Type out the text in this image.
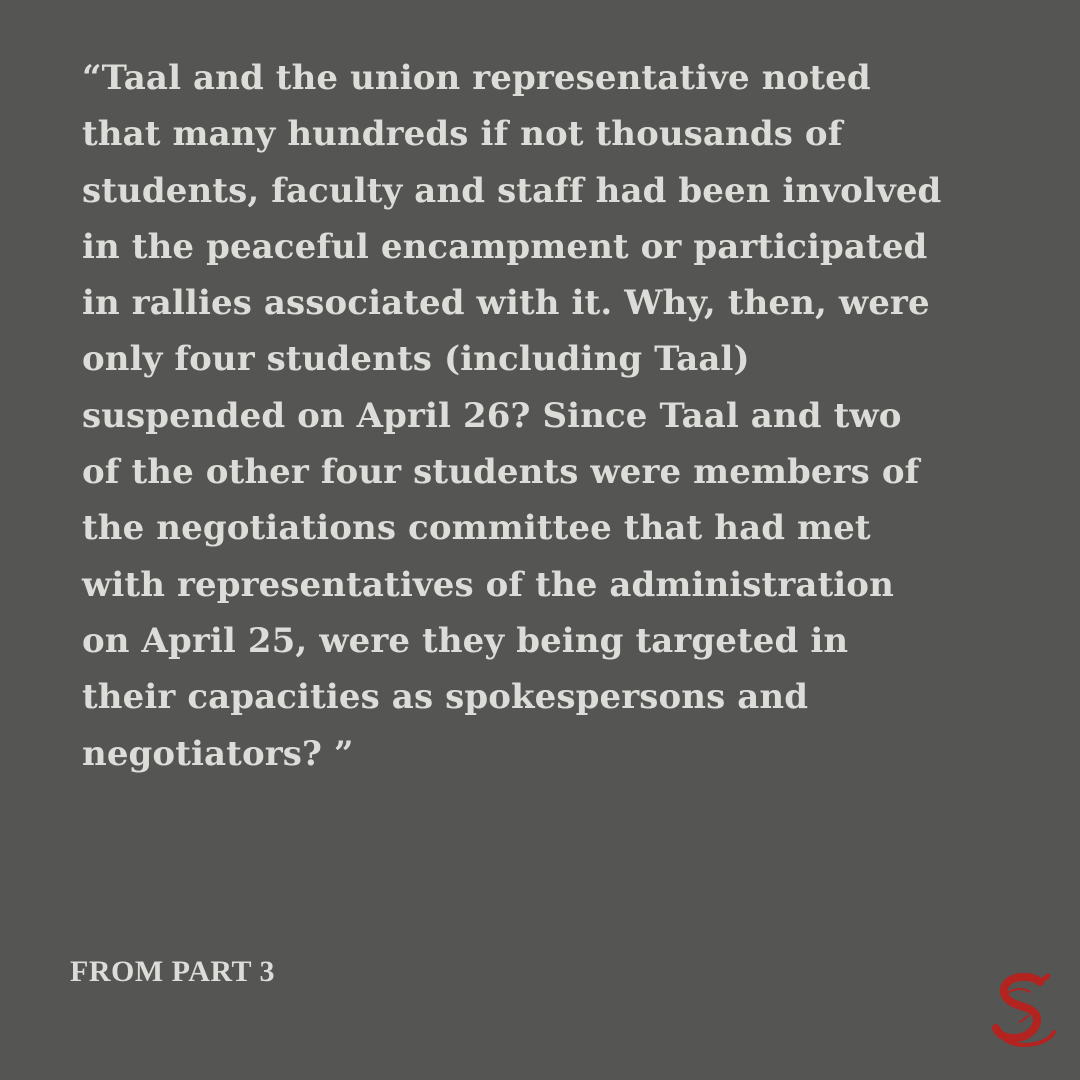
“Taal and the union representative noted
that many hundreds if not thousands of
students, faculty and staff had been involved
in the peaceful encampment or participated
in rallies associated with it. Why, then, were
only four students (including Taal)
suspended on April 26? Since Taal and two
of the other four students were members of
the negotiations committee that had met
with representatives of the administration
on April 25, were they being targeted in
their capacities as spokespersons and
negotiators? ”
FROM PART 3
